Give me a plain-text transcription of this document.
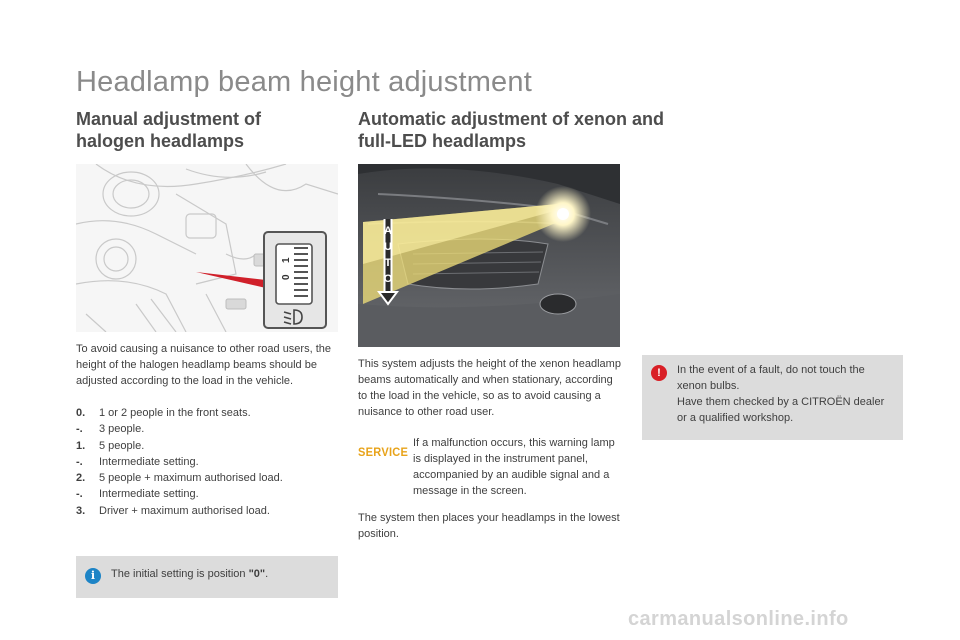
Headlamp beam height adjustment
Manual adjustment of
halogen headlamps
Automatic adjustment of xenon and
full-LED headlamps
1
0
A
U
T
O
To avoid causing a nuisance to other road users, the height of the halogen headlamp beams should be adjusted according to the load in the vehicle.
0.	1 or 2 people in the front seats.
-.	3 people.
1.	5 people.
-.	Intermediate setting.
2.	5 people + maximum authorised load.
-.	Intermediate setting.
3.	Driver + maximum authorised load.
i	The initial setting is position "0".
This system adjusts the height of the xenon headlamp beams automatically and when stationary, according to the load in the vehicle, so as to avoid causing a nuisance to other road user.
SERVICE
If a malfunction occurs, this warning lamp is displayed in the instrument panel, accompanied by an audible signal and a message in the screen.
The system then places your headlamps in the lowest position.
!	In the event of a fault, do not touch the xenon bulbs.
Have them checked by a CITROËN dealer or a qualified workshop.
carmanualsonline.info
